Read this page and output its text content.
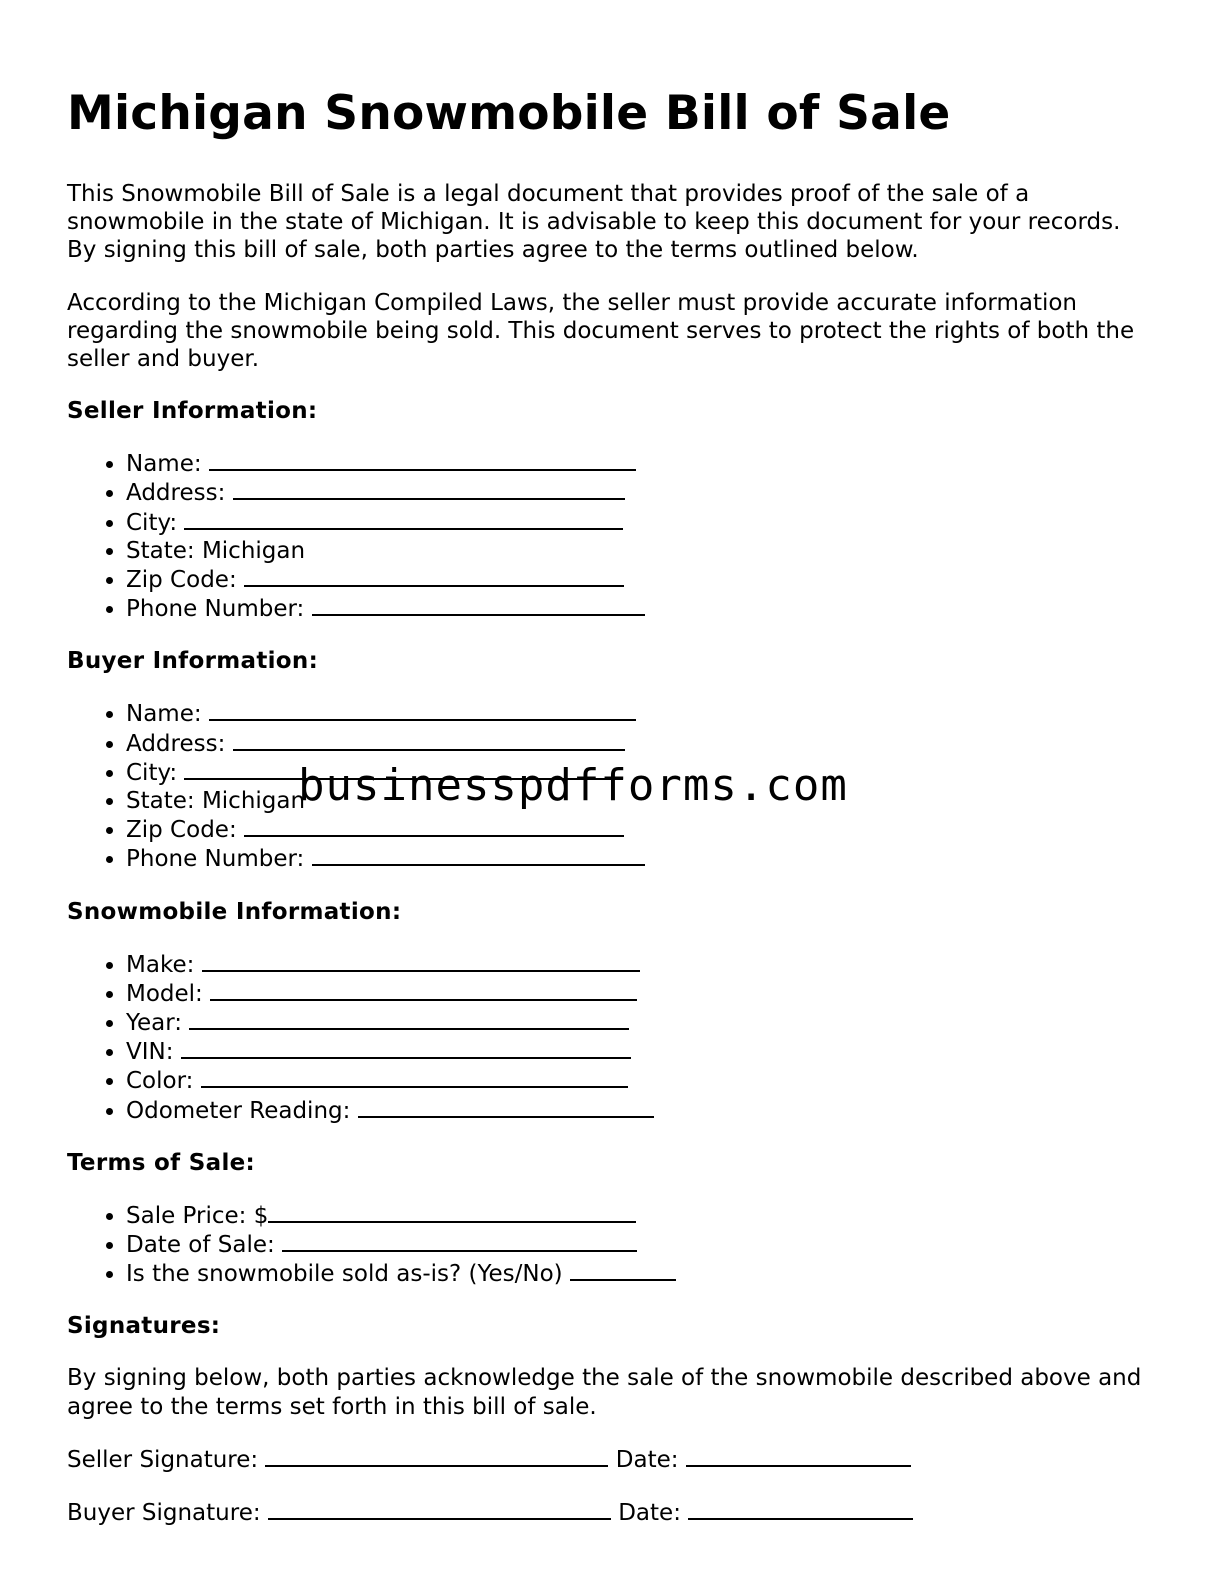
Michigan Snowmobile Bill of Sale

This Snowmobile Bill of Sale is a legal document that provides proof of the sale of a snowmobile in the state of Michigan. It is advisable to keep this document for your records. By signing this bill of sale, both parties agree to the terms outlined below.

According to the Michigan Compiled Laws, the seller must provide accurate information regarding the snowmobile being sold. This document serves to protect the rights of both the seller and buyer.

Seller Information:
• Name:
• Address:
• City:
• State: Michigan
• Zip Code:
• Phone Number:
Buyer Information:
• Name:
• Address:
• City:
• State: Michigan
• Zip Code:
• Phone Number:
Snowmobile Information:
• Make:
• Model:
• Year:
• VIN:
• Color:
• Odometer Reading:
Terms of Sale:
• Sale Price: $
• Date of Sale:
• Is the snowmobile sold as-is? (Yes/No)
Signatures:

By signing below, both parties acknowledge the sale of the snowmobile described above and agree to the terms set forth in this bill of sale.

Seller Signature:	Date:
Buyer Signature:	Date:
businesspdfforms.com
